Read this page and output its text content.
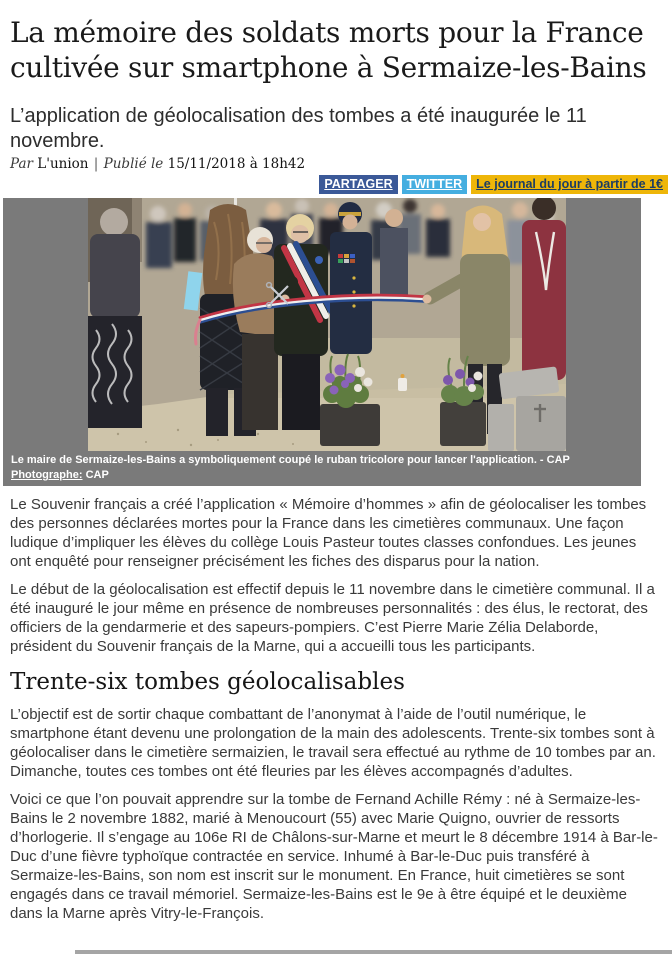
La mémoire des soldats morts pour la France cultivée sur smartphone à Sermaize-les-Bains
L’application de géolocalisation des tombes a été inaugurée le 11 novembre.
Par L'union | Publié le 15/11/2018 à 18h42
PARTAGER	TWITTER	Le journal du jour à partir de 1€
Le maire de Sermaize-les-Bains a symboliquement coupé le ruban tricolore pour lancer l'application. - CAP
Photographe: CAP

Le Souvenir français a créé l’application « Mémoire d’hommes » afin de géolocaliser les tombes des personnes déclarées mortes pour la France dans les cimetières communaux. Une façon ludique d’impliquer les élèves du collège Louis Pasteur toutes classes confondues. Les jeunes ont enquêté pour renseigner précisément les fiches des disparus pour la nation.

Le début de la géolocalisation est effectif depuis le 11 novembre dans le cimetière communal. Il a été inauguré le jour même en présence de nombreuses personnalités : des élus, le rectorat, des officiers de la gendarmerie et des sapeurs-pompiers. C’est Pierre Marie Zélia Delaborde, président du Souvenir français de la Marne, qui a accueilli tous les participants.

Trente-six tombes géolocalisables

L’objectif est de sortir chaque combattant de l’anonymat à l’aide de l’outil numérique, le smartphone étant devenu une prolongation de la main des adolescents. Trente-six tombes sont à géolocaliser dans le cimetière sermaizien, le travail sera effectué au rythme de 10 tombes par an. Dimanche, toutes ces tombes ont été fleuries par les élèves accompagnés d’adultes.

Voici ce que l’on pouvait apprendre sur la tombe de Fernand Achille Rémy : né à Sermaize-les-Bains le 2 novembre 1882, marié à Menoucourt (55) avec Marie Quigno, ouvrier de ressorts d’horlogerie. Il s’engage au 106e RI de Châlons-sur-Marne et meurt le 8 décembre 1914 à Bar-le-Duc d’une fièvre typhoïque contractée en service. Inhumé à Bar-le-Duc puis transféré à Sermaize-les-Bains, son nom est inscrit sur le monument. En France, huit cimetières se sont engagés dans ce travail mémoriel. Sermaize-les-Bains est le 9e à être équipé et le deuxième dans la Marne après Vitry-le-François.
